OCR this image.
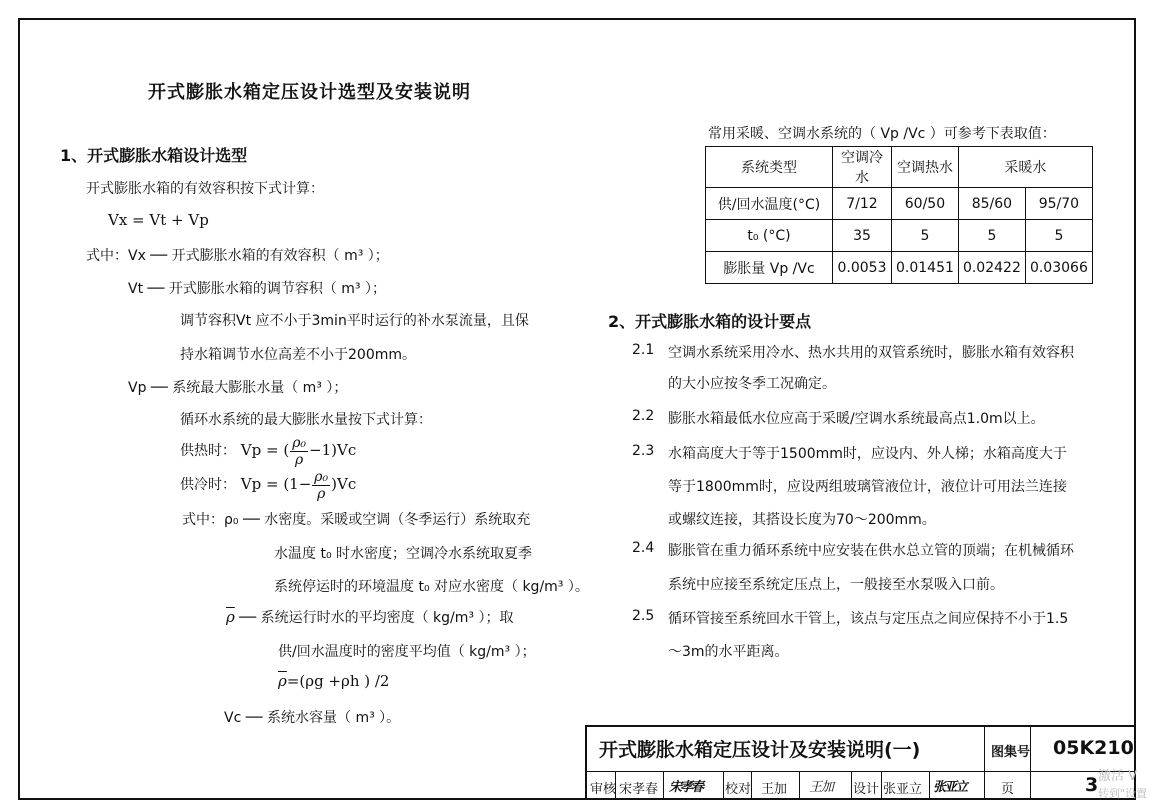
开式膨胀水箱定压设计选型及安装说明
1、开式膨胀水箱设计选型
开式膨胀水箱的有效容积按下式计算：
Vx = Vt + Vp
式中：Vx ── 开式膨胀水箱的有效容积（ m³ ）；
Vt ── 开式膨胀水箱的调节容积（ m³ ）；
调节容积Vt 应不小于3min平时运行的补水泵流量，且保
持水箱调节水位高差不小于200mm。
Vp ── 系统最大膨胀水量（ m³ ）；
循环水系统的最大膨胀水量按下式计算：
供热时： Vp = ( $\frac{\text{ρ₀}}{\rho} -1)Vc$
供冷时： $Vp = (1- \frac{\text{ρ₀}}{\rho} )Vc$
式中：ρ₀ ── 水密度。采暖或空调（冬季运行）系统取充
水温度 t₀ 时水密度；空调冷水系统取夏季
系统停运时的环境温度 t₀ 对应水密度（ kg/m³ ）。
$\overline{\rho}$ ── 系统运行时水的平均密度（ kg/m³ ）；取
供/回水温度时的密度平均值（ kg/m³ ）；
$\overline{\rho}=(\rho g +\rho h$ ) /2
Vc ── 系统水容量（ m³ ）。
常用采暖、空调水系统的（ Vp /Vc ）可参考下表取值：
系统类型	空调冷水	空调热水	采暖水	
供/回水温度(°C)	7/12	60/50	85/60	95/70
t₀ (°C)	35	5	5	5
膨胀量 Vp /Vc	0.0053	0.01451	0.02422	0.03066
2、开式膨胀水箱的设计要点
2.1 空调水系统采用冷水、热水共用的双管系统时，膨胀水箱有效容积
的大小应按冬季工况确定。
2.2 膨胀水箱最低水位应高于采暖/空调水系统最高点1.0m以上。
2.3 水箱高度大于等于1500mm时，应设内、外人梯；水箱高度大于
等于1800mm时，应设两组玻璃管液位计，液位计可用法兰连接
或螺纹连接，其搭设长度为70～200mm。
2.4 膨胀管在重力循环系统中应安装在供水总立管的顶端；在机械循环
系统中应接至系统定压点上，一般接至水泵吸入口前。
2.5 循环管接至系统回水干管上，该点与定压点之间应保持不小于1.5
～3m的水平距离。
开式膨胀水箱定压设计及安装说明(一)	图集号 05K210
审核 宋孝春 宋孝春 校对 王加 王加 设计 张亚立 张亚立	页	3 激活 V
转到"设置
